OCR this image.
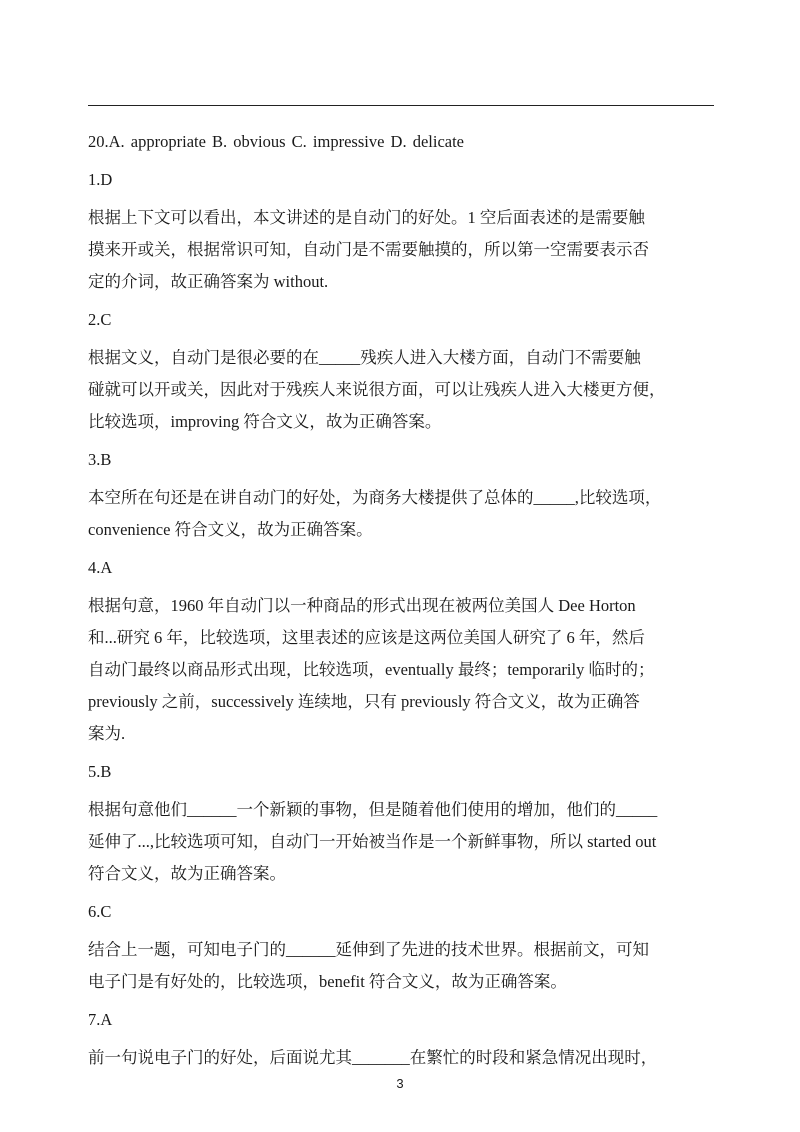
20.A. appropriate B. obvious C. impressive D. delicate
1.D
根据上下文可以看出，本文讲述的是自动门的好处。1 空后面表述的是需要触
摸来开或关，根据常识可知，自动门是不需要触摸的，所以第一空需要表示否
定的介词，故正确答案为 without.
2.C
根据文义，自动门是很必要的在_____残疾人进入大楼方面，自动门不需要触
碰就可以开或关，因此对于残疾人来说很方面，可以让残疾人进入大楼更方便，
比较选项，improving 符合文义，故为正确答案。
3.B
本空所在句还是在讲自动门的好处，为商务大楼提供了总体的_____,比较选项，
convenience 符合文义，故为正确答案。
4.A
根据句意，1960 年自动门以一种商品的形式出现在被两位美国人 Dee Horton
和...研究 6 年，比较选项，这里表述的应该是这两位美国人研究了 6 年，然后
自动门最终以商品形式出现，比较选项，eventually 最终；temporarily 临时的；
previously 之前，successively 连续地，只有 previously 符合文义，故为正确答
案为.
5.B
根据句意他们______一个新颖的事物，但是随着他们使用的增加，他们的_____
延伸了...,比较选项可知，自动门一开始被当作是一个新鲜事物，所以 started out
符合文义，故为正确答案。
6.C
结合上一题，可知电子门的______延伸到了先进的技术世界。根据前文，可知
电子门是有好处的，比较选项，benefit 符合文义，故为正确答案。
7.A
前一句说电子门的好处，后面说尤其_______在繁忙的时段和紧急情况出现时，
3
